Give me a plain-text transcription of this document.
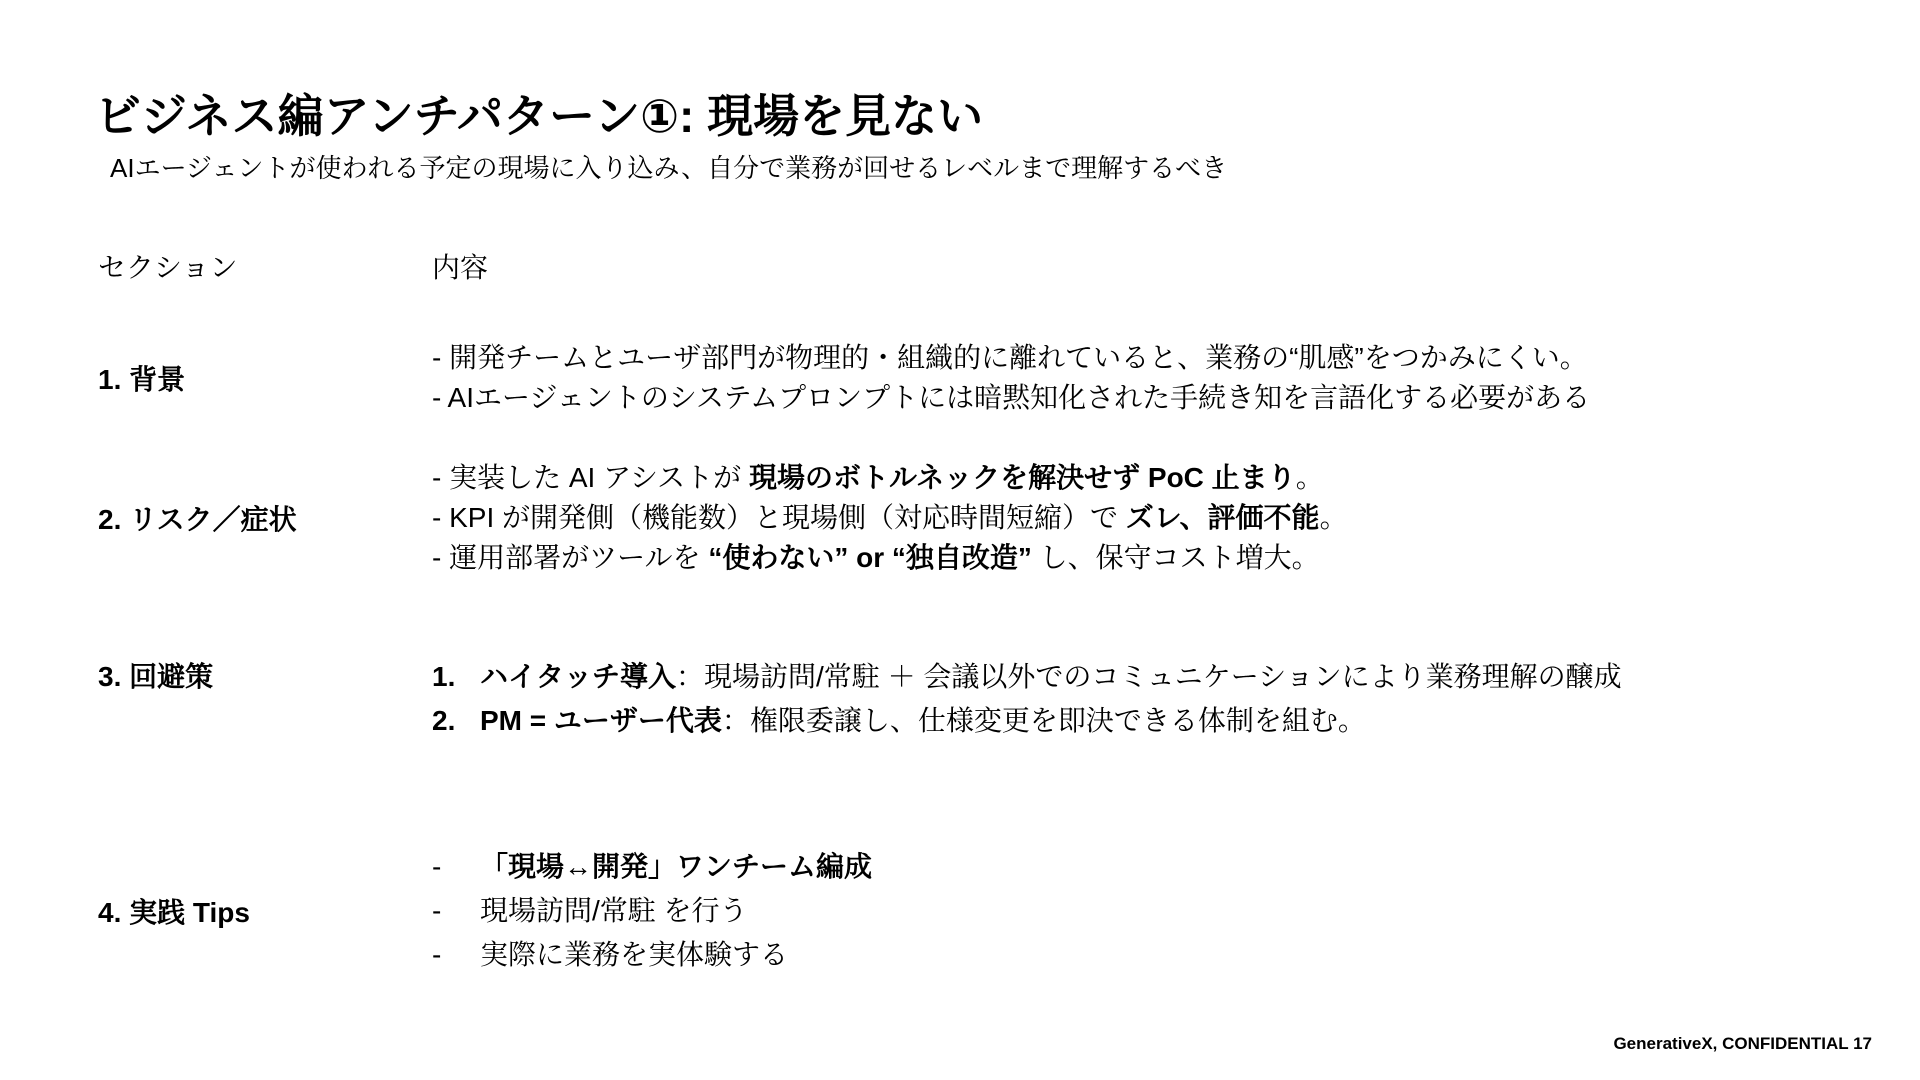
ビジネス編アンチパターン①: 現場を見ない
AIエージェントが使われる予定の現場に入り込み、自分で業務が回せるレベルまで理解するべき
セクション	内容
1. 背景
- 開発チームとユーザ部門が物理的・組織的に離れていると、業務の“肌感”をつかみにくい。
- AIエージェントのシステムプロンプトには暗黙知化された手続き知を言語化する必要がある
2. リスク／症状
- 実装した AI アシストが 現場のボトルネックを解決せず PoC 止まり。
- KPI が開発側（機能数）と現場側（対応時間短縮）で ズレ、評価不能。
- 運用部署がツールを “使わない” or “独自改造” し、保守コスト増大。
3. 回避策	1. ハイタッチ導入：現場訪問/常駐 ＋ 会議以外でのコミュニケーションにより業務理解の醸成
2. PM = ユーザー代表：権限委譲し、仕様変更を即決できる体制を組む。
4. 実践 Tips
- 「現場↔開発」ワンチーム編成
- 現場訪問/常駐 を行う
- 実際に業務を実体験する
GenerativeX, CONFIDENTIAL 17
